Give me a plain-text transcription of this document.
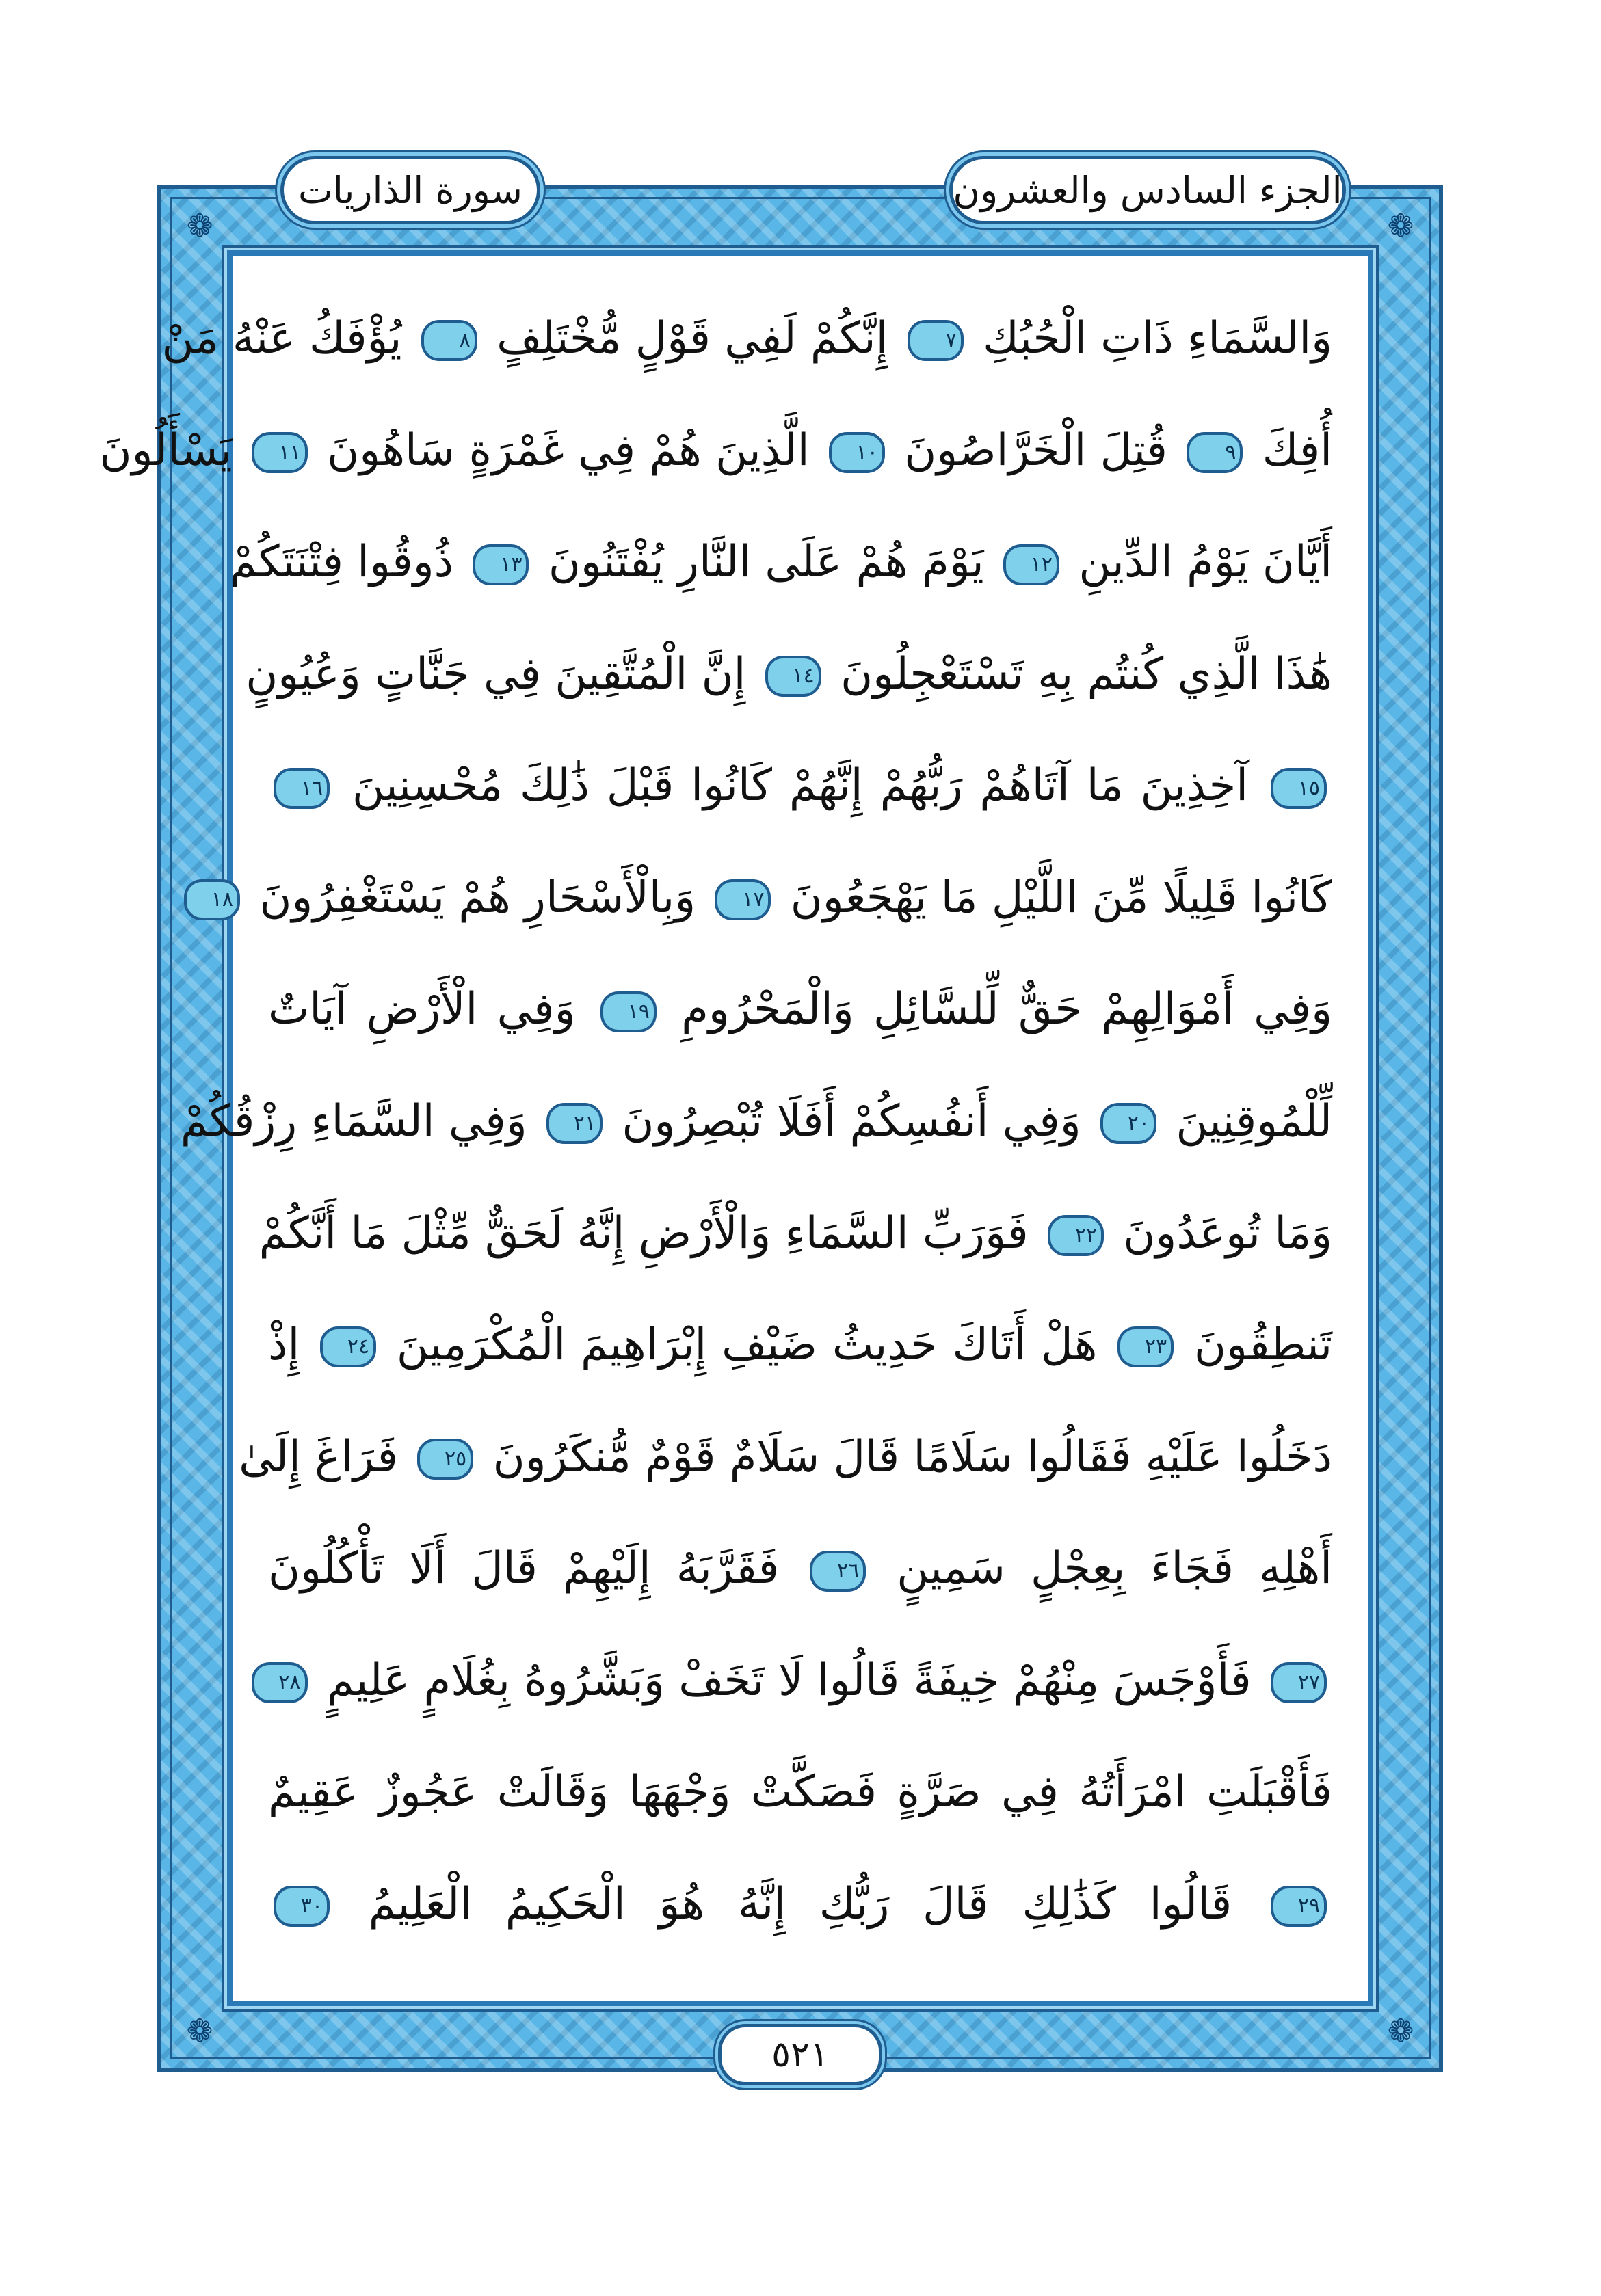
❁	❁
❁	❁
الجزء السادس والعشرون
سورة الذاريات
وَالسَّمَاءِ ذَاتِ الْحُبُكِ ٧ إِنَّكُمْ لَفِي قَوْلٍ مُّخْتَلِفٍ ٨ يُؤْفَكُ عَنْهُ مَنْ
أُفِكَ ٩ قُتِلَ الْخَرَّاصُونَ ١٠ الَّذِينَ هُمْ فِي غَمْرَةٍ سَاهُونَ ١١ يَسْأَلُونَ
أَيَّانَ يَوْمُ الدِّينِ ١٢ يَوْمَ هُمْ عَلَى النَّارِ يُفْتَنُونَ ١٣ ذُوقُوا فِتْنَتَكُمْ
هَٰذَا الَّذِي كُنتُم بِهِ تَسْتَعْجِلُونَ ١٤ إِنَّ الْمُتَّقِينَ فِي جَنَّاتٍ وَعُيُونٍ
١٥ آخِذِينَ مَا آتَاهُمْ رَبُّهُمْ إِنَّهُمْ كَانُوا قَبْلَ ذَٰلِكَ مُحْسِنِينَ ١٦
كَانُوا قَلِيلًا مِّنَ اللَّيْلِ مَا يَهْجَعُونَ ١٧ وَبِالْأَسْحَارِ هُمْ يَسْتَغْفِرُونَ ١٨
وَفِي أَمْوَالِهِمْ حَقٌّ لِّلسَّائِلِ وَالْمَحْرُومِ ١٩ وَفِي الْأَرْضِ آيَاتٌ
لِّلْمُوقِنِينَ ٢٠ وَفِي أَنفُسِكُمْ أَفَلَا تُبْصِرُونَ ٢١ وَفِي السَّمَاءِ رِزْقُكُمْ
وَمَا تُوعَدُونَ ٢٢ فَوَرَبِّ السَّمَاءِ وَالْأَرْضِ إِنَّهُ لَحَقٌّ مِّثْلَ مَا أَنَّكُمْ
تَنطِقُونَ ٢٣ هَلْ أَتَاكَ حَدِيثُ ضَيْفِ إِبْرَاهِيمَ الْمُكْرَمِينَ ٢٤ إِذْ
دَخَلُوا عَلَيْهِ فَقَالُوا سَلَامًا قَالَ سَلَامٌ قَوْمٌ مُّنكَرُونَ ٢٥ فَرَاغَ إِلَىٰ
أَهْلِهِ فَجَاءَ بِعِجْلٍ سَمِينٍ ٢٦ فَقَرَّبَهُ إِلَيْهِمْ قَالَ أَلَا تَأْكُلُونَ
٢٧ فَأَوْجَسَ مِنْهُمْ خِيفَةً قَالُوا لَا تَخَفْ وَبَشَّرُوهُ بِغُلَامٍ عَلِيمٍ ٢٨
فَأَقْبَلَتِ امْرَأَتُهُ فِي صَرَّةٍ فَصَكَّتْ وَجْهَهَا وَقَالَتْ عَجُوزٌ عَقِيمٌ
٢٩ قَالُوا كَذَٰلِكِ قَالَ رَبُّكِ إِنَّهُ هُوَ الْحَكِيمُ الْعَلِيمُ ٣٠
٥٢١
